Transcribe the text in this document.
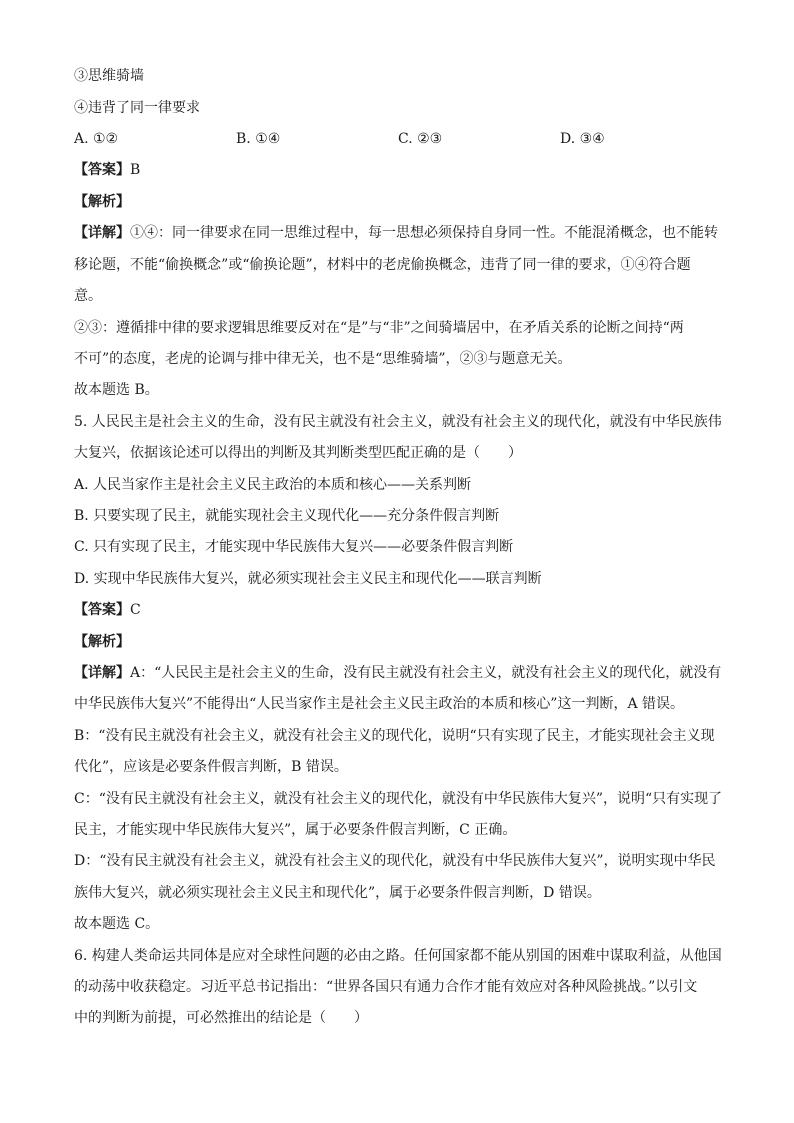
③思维骑墙
④违背了同一律要求
A. ①②	B. ①④	C. ②③	D. ③④
【答案】B
【解析】
【详解】①④：同一律要求在同一思维过程中，每一思想必须保持自身同一性。不能混淆概念，也不能转
移论题，不能“偷换概念”或“偷换论题”，材料中的老虎偷换概念，违背了同一律的要求，①④符合题
意。
②③：遵循排中律的要求逻辑思维要反对在“是”与“非”之间骑墙居中，在矛盾关系的论断之间持“两
不可”的态度，老虎的论调与排中律无关，也不是“思维骑墙”，②③与题意无关。
故本题选 B。
5. 人民民主是社会主义的生命，没有民主就没有社会主义，就没有社会主义的现代化，就没有中华民族伟
大复兴，依据该论述可以得出的判断及其判断类型匹配正确的是（　　）
A. 人民当家作主是社会主义民主政治的本质和核心——关系判断
B. 只要实现了民主，就能实现社会主义现代化——充分条件假言判断
C. 只有实现了民主，才能实现中华民族伟大复兴——必要条件假言判断
D. 实现中华民族伟大复兴，就必须实现社会主义民主和现代化——联言判断
【答案】C
【解析】
【详解】A：“人民民主是社会主义的生命，没有民主就没有社会主义，就没有社会主义的现代化，就没有
中华民族伟大复兴”不能得出“人民当家作主是社会主义民主政治的本质和核心”这一判断，A 错误。
B：“没有民主就没有社会主义，就没有社会主义的现代化，说明“只有实现了民主，才能实现社会主义现
代化”，应该是必要条件假言判断，B 错误。
C：“没有民主就没有社会主义，就没有社会主义的现代化，就没有中华民族伟大复兴”，说明“只有实现了
民主，才能实现中华民族伟大复兴”，属于必要条件假言判断，C 正确。
D：“没有民主就没有社会主义，就没有社会主义的现代化，就没有中华民族伟大复兴”，说明实现中华民
族伟大复兴，就必须实现社会主义民主和现代化”，属于必要条件假言判断，D 错误。
故本题选 C。
6. 构建人类命运共同体是应对全球性问题的必由之路。任何国家都不能从别国的困难中谋取利益，从他国
的动荡中收获稳定。习近平总书记指出：“世界各国只有通力合作才能有效应对各种风险挑战。”以引文
中的判断为前提，可必然推出的结论是（　　）
